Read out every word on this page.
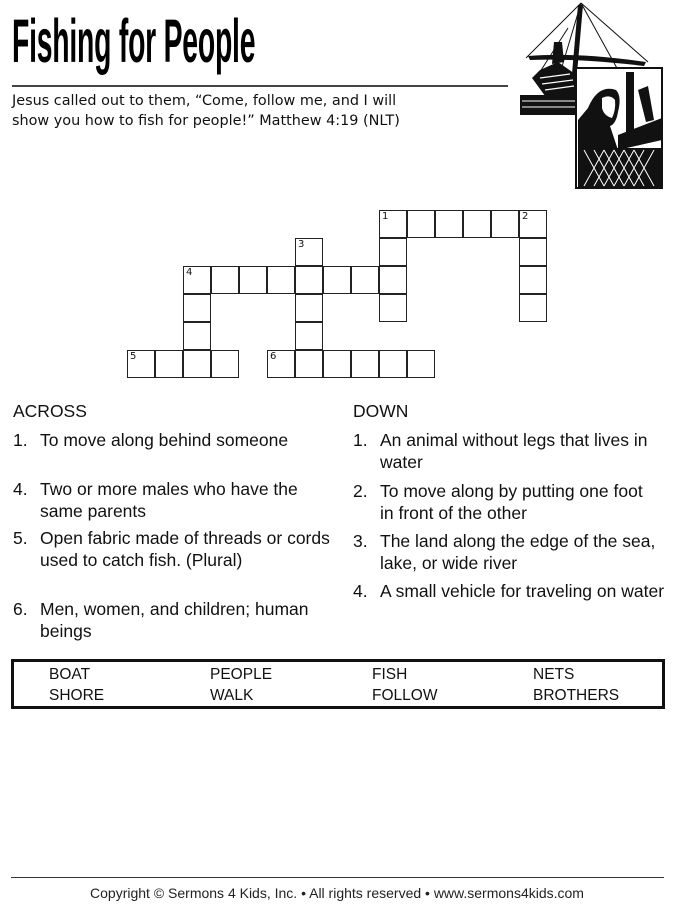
Fishing for People
Jesus called out to them, “Come, follow me, and I will
show you how to fish for people!” Matthew 4:19 (NLT)
1	2
3
4
5	6
ACROSS
1. To move along behind someone
4. Two or more males who have the same parents
5. Open fabric made of threads or cords used to catch fish. (Plural)
6. Men, women, and children; human beings
DOWN
1. An animal without legs that lives in water
2. To move along by putting one foot in front of the other
3. The land along the edge of the sea, lake, or wide river
4. A small vehicle for traveling on water
BOAT	PEOPLE	FISH	NETS
SHORE	WALK	FOLLOW	BROTHERS
Copyright © Sermons 4 Kids, Inc. • All rights reserved • www.sermons4kids.com
